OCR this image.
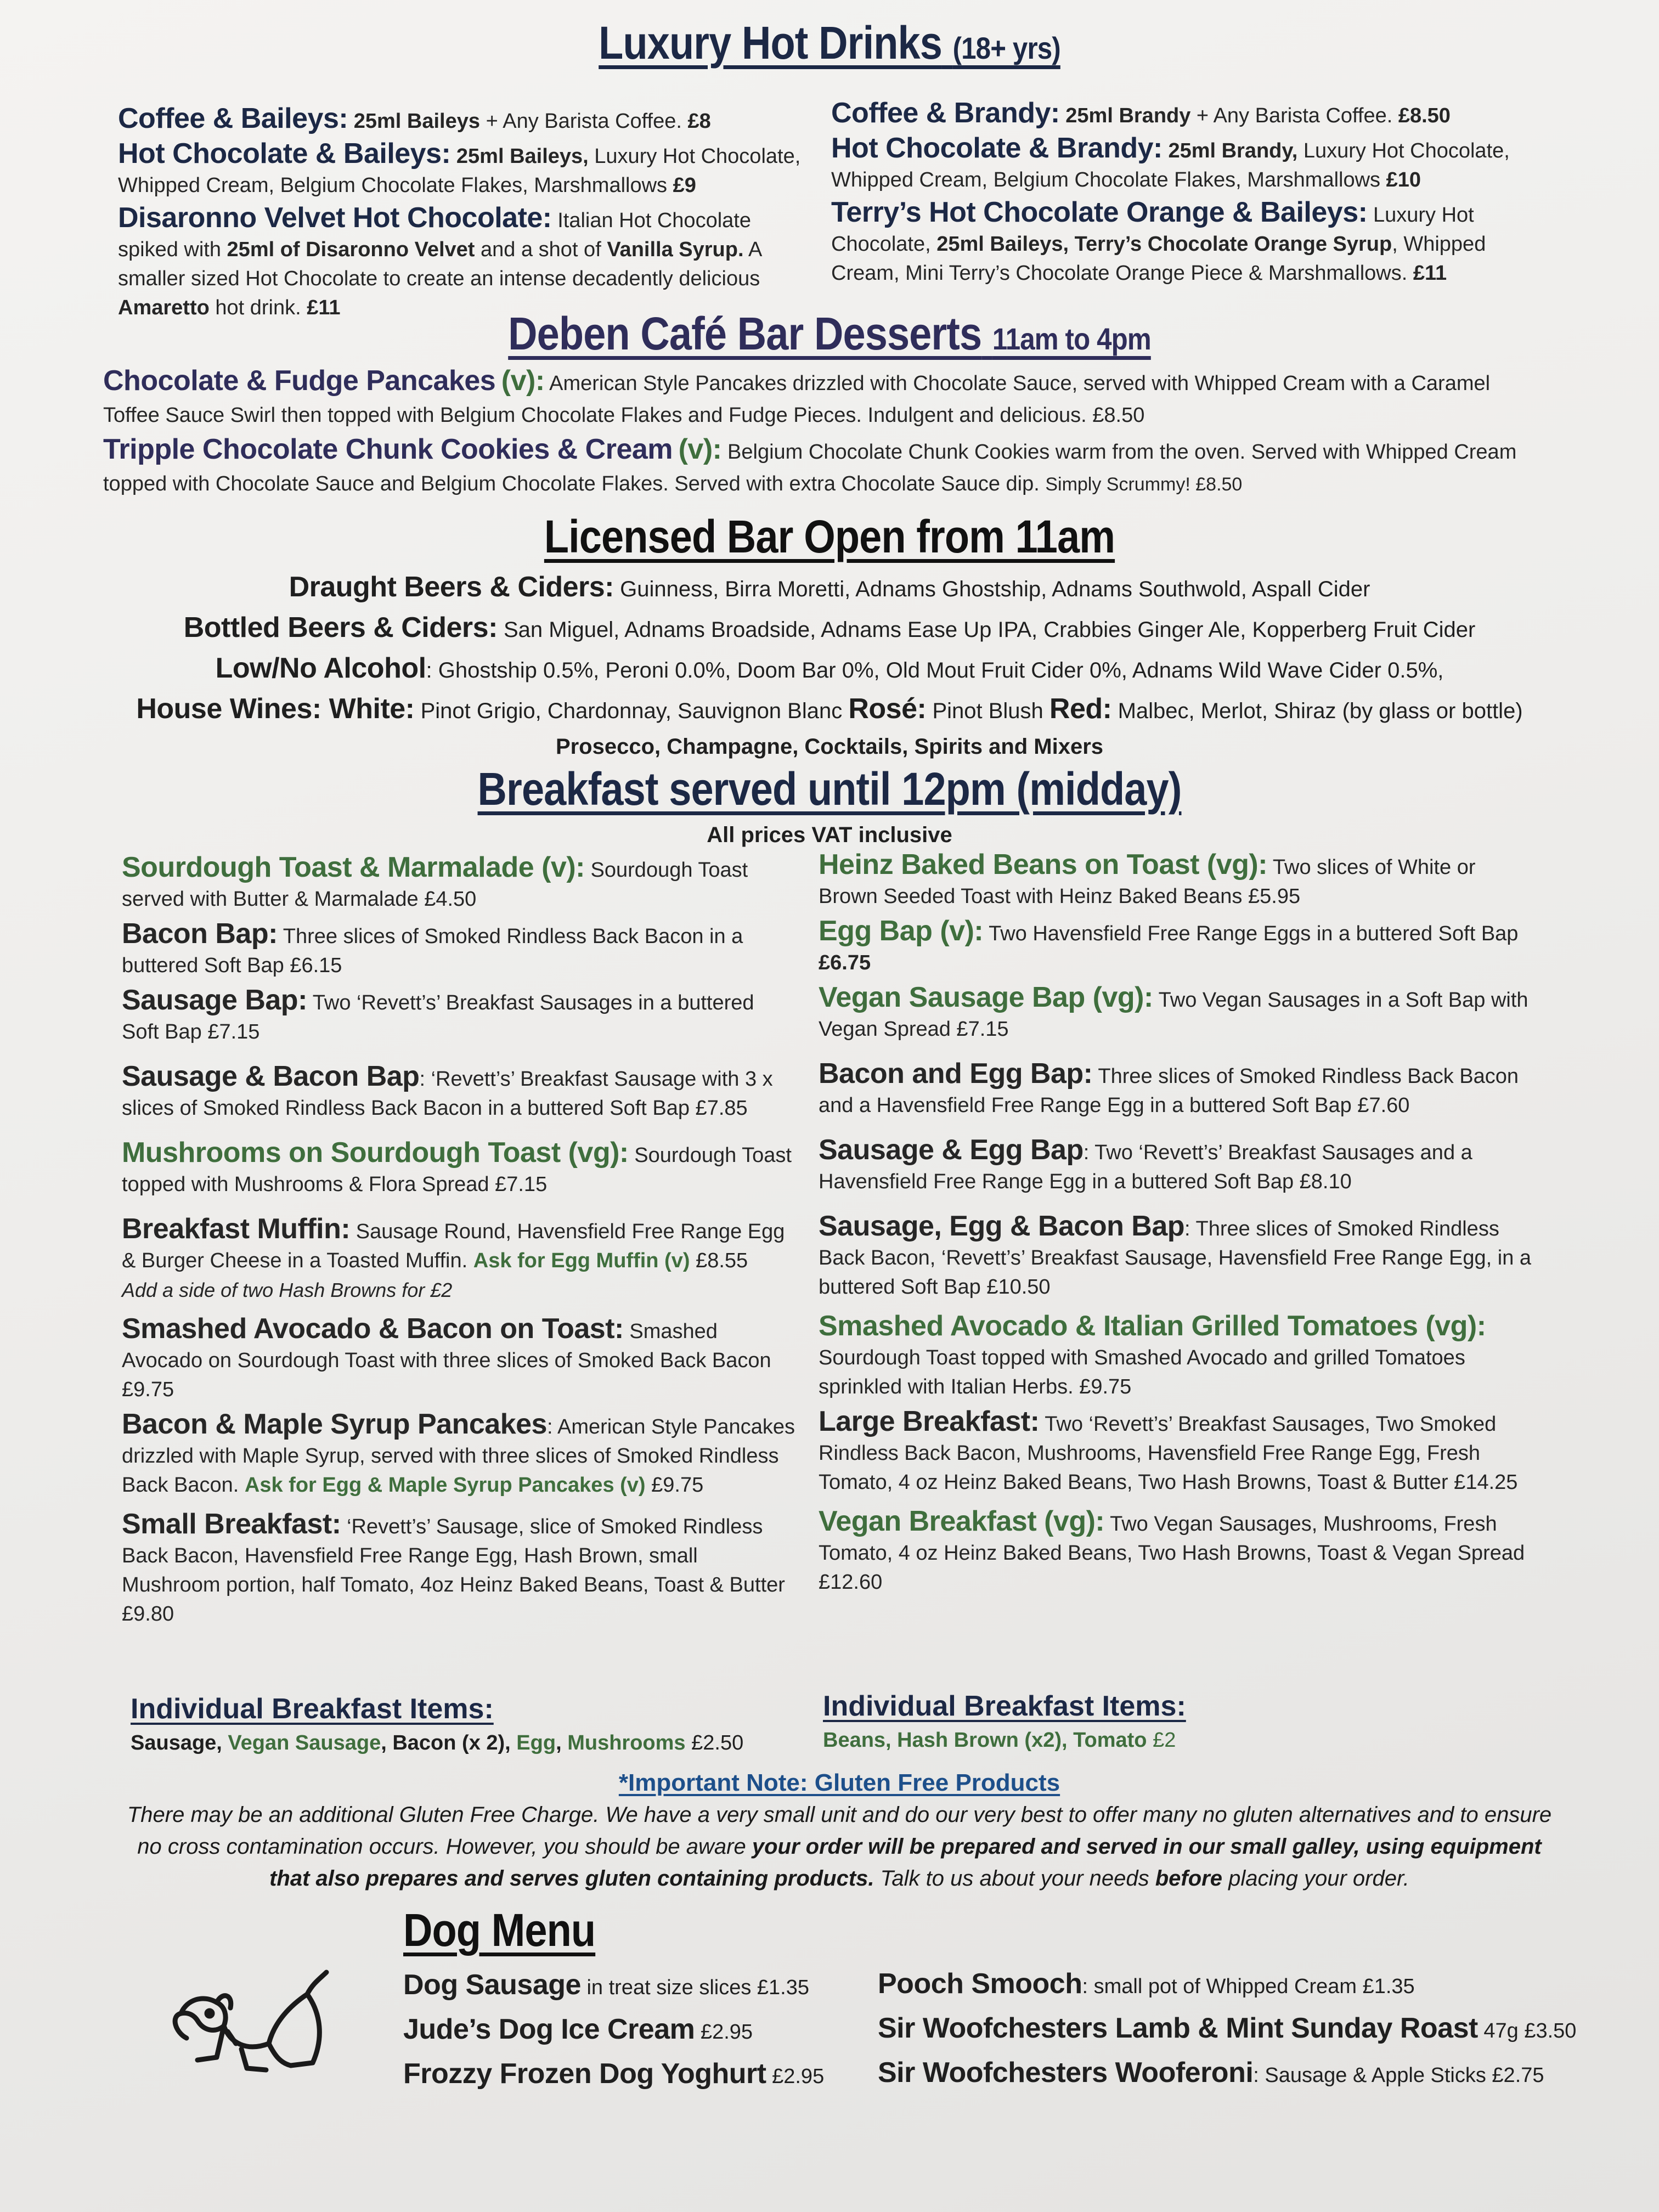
Luxury Hot Drinks (18+ yrs)
Coffee & Baileys: 25ml Baileys + Any Barista Coffee. £8
Hot Chocolate & Baileys: 25ml Baileys, Luxury Hot Chocolate, Whipped Cream, Belgium Chocolate Flakes, Marshmallows £9
Disaronno Velvet Hot Chocolate: Italian Hot Chocolate spiked with 25ml of Disaronno Velvet and a shot of Vanilla Syrup. A smaller sized Hot Chocolate to create an intense decadently delicious Amaretto hot drink. £11
Coffee & Brandy: 25ml Brandy + Any Barista Coffee. £8.50
Hot Chocolate & Brandy: 25ml Brandy, Luxury Hot Chocolate, Whipped Cream, Belgium Chocolate Flakes, Marshmallows £10
Terry’s Hot Chocolate Orange & Baileys: Luxury Hot Chocolate, 25ml Baileys, Terry’s Chocolate Orange Syrup, Whipped Cream, Mini Terry’s Chocolate Orange Piece & Marshmallows. £11
Deben Café Bar Desserts 11am to 4pm
Chocolate & Fudge Pancakes (v): American Style Pancakes drizzled with Chocolate Sauce, served with Whipped Cream with a Caramel Toffee Sauce Swirl then topped with Belgium Chocolate Flakes and Fudge Pieces. Indulgent and delicious. £8.50
Tripple Chocolate Chunk Cookies & Cream (v): Belgium Chocolate Chunk Cookies warm from the oven. Served with Whipped Cream topped with Chocolate Sauce and Belgium Chocolate Flakes. Served with extra Chocolate Sauce dip. Simply Scrummy! £8.50
Licensed Bar Open from 11am
Draught Beers & Ciders: Guinness, Birra Moretti, Adnams Ghostship, Adnams Southwold, Aspall Cider
Bottled Beers & Ciders: San Miguel, Adnams Broadside, Adnams Ease Up IPA, Crabbies Ginger Ale, Kopperberg Fruit Cider
Low/No Alcohol: Ghostship 0.5%, Peroni 0.0%, Doom Bar 0%, Old Mout Fruit Cider 0%, Adnams Wild Wave Cider 0.5%,
House Wines: White: Pinot Grigio, Chardonnay, Sauvignon Blanc Rosé: Pinot Blush Red: Malbec, Merlot, Shiraz (by glass or bottle)
Prosecco, Champagne, Cocktails, Spirits and Mixers
Breakfast served until 12pm (midday)
All prices VAT inclusive
Sourdough Toast & Marmalade (v): Sourdough Toast served with Butter & Marmalade £4.50
Bacon Bap: Three slices of Smoked Rindless Back Bacon in a buttered Soft Bap £6.15
Sausage Bap: Two ‘Revett’s’ Breakfast Sausages in a buttered Soft Bap £7.15
Sausage & Bacon Bap: ‘Revett’s’ Breakfast Sausage with 3 x slices of Smoked Rindless Back Bacon in a buttered Soft Bap £7.85
Mushrooms on Sourdough Toast (vg): Sourdough Toast topped with Mushrooms & Flora Spread £7.15
Breakfast Muffin: Sausage Round, Havensfield Free Range Egg & Burger Cheese in a Toasted Muffin. Ask for Egg Muffin (v) £8.55
Add a side of two Hash Browns for £2
Smashed Avocado & Bacon on Toast: Smashed Avocado on Sourdough Toast with three slices of Smoked Back Bacon £9.75
Bacon & Maple Syrup Pancakes: American Style Pancakes drizzled with Maple Syrup, served with three slices of Smoked Rindless Back Bacon. Ask for Egg & Maple Syrup Pancakes (v) £9.75
Small Breakfast: ‘Revett’s’ Sausage, slice of Smoked Rindless Back Bacon, Havensfield Free Range Egg, Hash Brown, small Mushroom portion, half Tomato, 4oz Heinz Baked Beans, Toast & Butter £9.80
Heinz Baked Beans on Toast (vg): Two slices of White or Brown Seeded Toast with Heinz Baked Beans £5.95
Egg Bap (v): Two Havensfield Free Range Eggs in a buttered Soft Bap £6.75
Vegan Sausage Bap (vg): Two Vegan Sausages in a Soft Bap with Vegan Spread £7.15
Bacon and Egg Bap: Three slices of Smoked Rindless Back Bacon and a Havensfield Free Range Egg in a buttered Soft Bap £7.60
Sausage & Egg Bap: Two ‘Revett’s’ Breakfast Sausages and a Havensfield Free Range Egg in a buttered Soft Bap £8.10
Sausage, Egg & Bacon Bap: Three slices of Smoked Rindless Back Bacon, ‘Revett’s’ Breakfast Sausage, Havensfield Free Range Egg, in a buttered Soft Bap £10.50
Smashed Avocado & Italian Grilled Tomatoes (vg): Sourdough Toast topped with Smashed Avocado and grilled Tomatoes sprinkled with Italian Herbs. £9.75
Large Breakfast: Two ‘Revett’s’ Breakfast Sausages, Two Smoked Rindless Back Bacon, Mushrooms, Havensfield Free Range Egg, Fresh Tomato, 4 oz Heinz Baked Beans, Two Hash Browns, Toast & Butter £14.25
Vegan Breakfast (vg): Two Vegan Sausages, Mushrooms, Fresh Tomato, 4 oz Heinz Baked Beans, Two Hash Browns, Toast & Vegan Spread £12.60
Individual Breakfast Items:
Sausage, Vegan Sausage, Bacon (x 2), Egg, Mushrooms £2.50
Individual Breakfast Items:
Beans, Hash Brown (x2), Tomato £2
*Important Note: Gluten Free Products
There may be an additional Gluten Free Charge. We have a very small unit and do our very best to offer many no gluten alternatives and to ensure no cross contamination occurs. However, you should be aware your order will be prepared and served in our small galley, using equipment that also prepares and serves gluten containing products. Talk to us about your needs before placing your order.
Dog Menu
Dog Sausage in treat size slices £1.35
Jude’s Dog Ice Cream £2.95
Frozzy Frozen Dog Yoghurt £2.95
Pooch Smooch: small pot of Whipped Cream £1.35
Sir Woofchesters Lamb & Mint Sunday Roast 47g £3.50
Sir Woofchesters Wooferoni: Sausage & Apple Sticks £2.75
